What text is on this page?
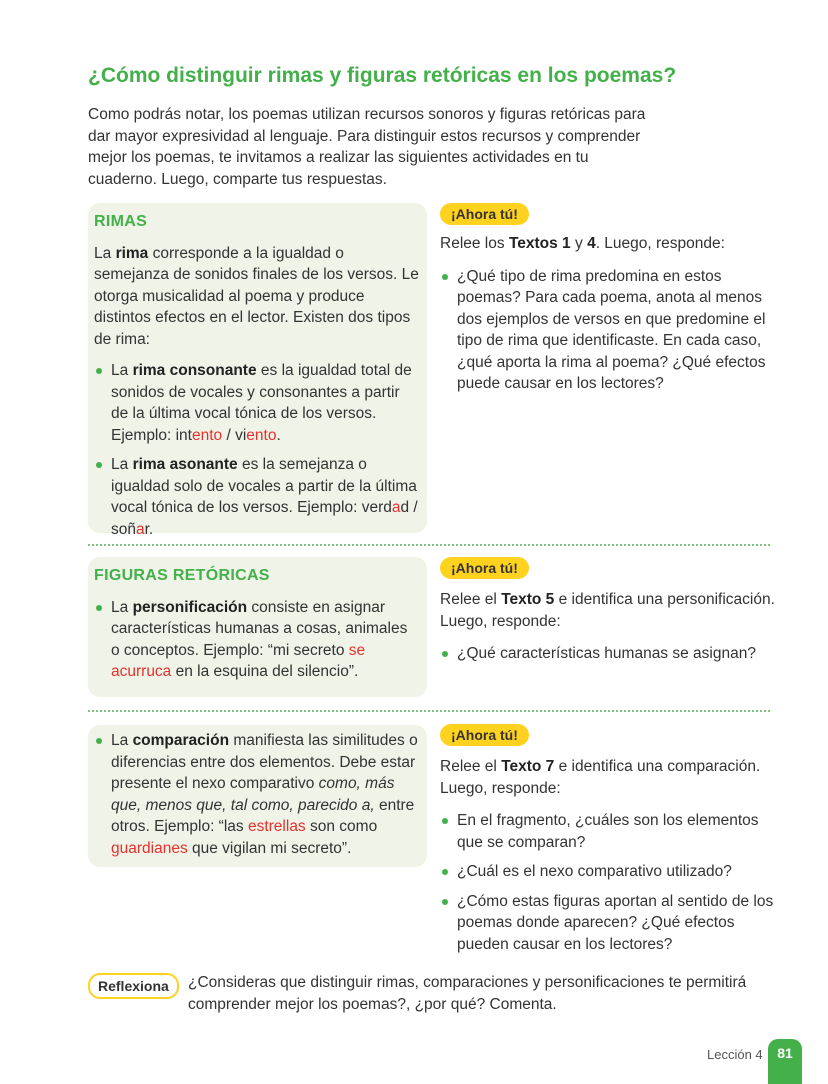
¿Cómo distinguir rimas y figuras retóricas en los poemas?

Como podrás notar, los poemas utilizan recursos sonoros y figuras retóricas para dar mayor expresividad al lenguaje. Para distinguir estos recursos y comprender mejor los poemas, te invitamos a realizar las siguientes actividades en tu cuaderno. Luego, comparte tus respuestas.

RIMAS

La rima corresponde a la igualdad o semejanza de sonidos finales de los versos. Le otorga musicalidad al poema y produce distintos efectos en el lector. Existen dos tipos de rima:

La rima consonante es la igualdad total de sonidos de vocales y consonantes a partir de la última vocal tónica de los versos. Ejemplo: intento / viento.
La rima asonante es la semejanza o igualdad solo de vocales a partir de la última vocal tónica de los versos. Ejemplo: verdad / soñar.
¡Ahora tú!

Relee los Textos 1 y 4. Luego, responde:

¿Qué tipo de rima predomina en estos poemas? Para cada poema, anota al menos dos ejemplos de versos en que predomine el tipo de rima que identificaste. En cada caso, ¿qué aporta la rima al poema? ¿Qué efectos puede causar en los lectores?
FIGURAS RETÓRICAS
La personificación consiste en asignar características humanas a cosas, animales o conceptos. Ejemplo: “mi secreto se acurruca en la esquina del silencio”.
¡Ahora tú!

Relee el Texto 5 e identifica una personificación. Luego, responde:

¿Qué características humanas se asignan?
La comparación manifiesta las similitudes o diferencias entre dos elementos. Debe estar presente el nexo comparativo como, más que, menos que, tal como, parecido a, entre otros. Ejemplo: “las estrellas son como guardianes que vigilan mi secreto”.
¡Ahora tú!

Relee el Texto 7 e identifica una comparación. Luego, responde:

En el fragmento, ¿cuáles son los elementos que se comparan?
¿Cuál es el nexo comparativo utilizado?
¿Cómo estas figuras aportan al sentido de los poemas donde aparecen? ¿Qué efectos pueden causar en los lectores?
Reflexiona	¿Consideras que distinguir rimas, comparaciones y personificaciones te permitirá comprender mejor los poemas?, ¿por qué? Comenta.
Lección 4	81
